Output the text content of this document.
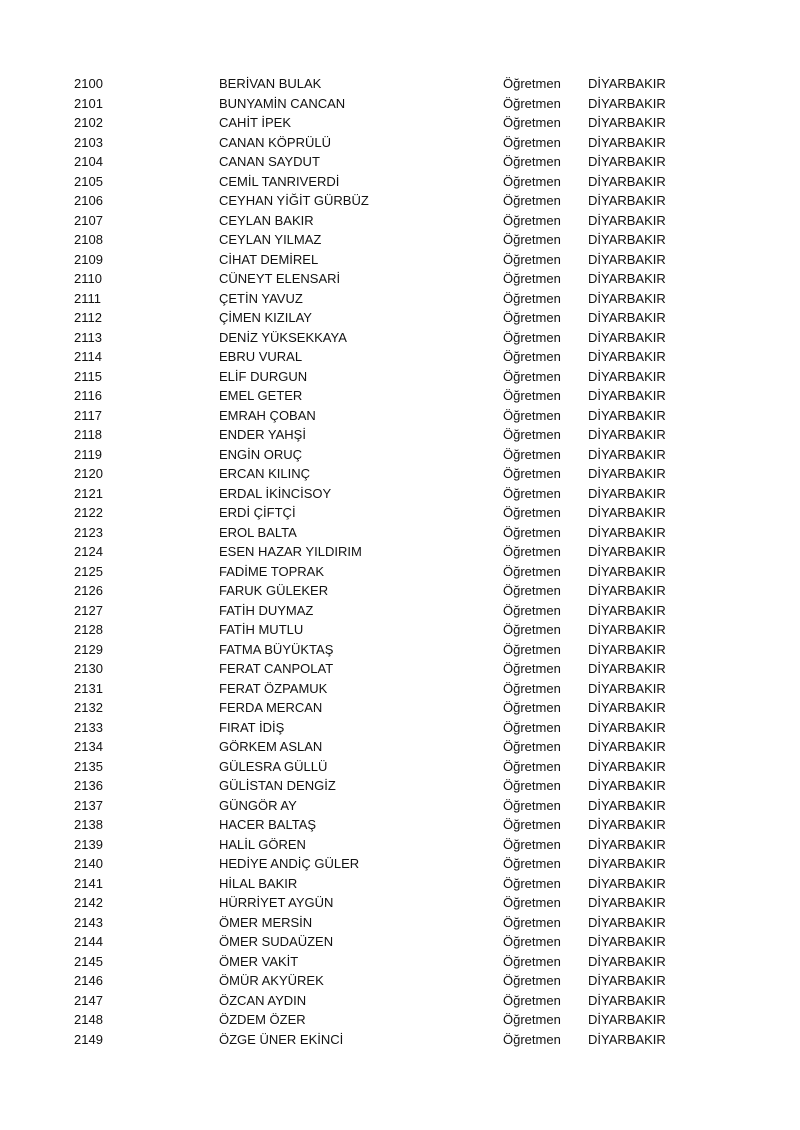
2100	BERİVAN BULAK	Öğretmen DİYARBAKIR
2101	BUNYAMİN CANCAN	Öğretmen DİYARBAKIR
2102	CAHİT İPEK	Öğretmen DİYARBAKIR
2103	CANAN KÖPRÜLÜ	Öğretmen DİYARBAKIR
2104	CANAN SAYDUT	Öğretmen DİYARBAKIR
2105	CEMİL TANRIVERDİ	Öğretmen DİYARBAKIR
2106	CEYHAN YİĞİT GÜRBÜZ	Öğretmen DİYARBAKIR
2107	CEYLAN BAKIR	Öğretmen DİYARBAKIR
2108	CEYLAN YILMAZ	Öğretmen DİYARBAKIR
2109	CİHAT DEMİREL	Öğretmen DİYARBAKIR
2110	CÜNEYT ELENSARİ	Öğretmen DİYARBAKIR
2111	ÇETİN YAVUZ	Öğretmen DİYARBAKIR
2112	ÇİMEN KIZILAY	Öğretmen DİYARBAKIR
2113	DENİZ YÜKSEKKAYA	Öğretmen DİYARBAKIR
2114	EBRU VURAL	Öğretmen DİYARBAKIR
2115	ELİF DURGUN	Öğretmen DİYARBAKIR
2116	EMEL GETER	Öğretmen DİYARBAKIR
2117	EMRAH ÇOBAN	Öğretmen DİYARBAKIR
2118	ENDER YAHŞİ	Öğretmen DİYARBAKIR
2119	ENGİN ORUÇ	Öğretmen DİYARBAKIR
2120	ERCAN KILINÇ	Öğretmen DİYARBAKIR
2121	ERDAL İKİNCİSOY	Öğretmen DİYARBAKIR
2122	ERDİ ÇİFTÇİ	Öğretmen DİYARBAKIR
2123	EROL BALTA	Öğretmen DİYARBAKIR
2124	ESEN HAZAR YILDIRIM	Öğretmen DİYARBAKIR
2125	FADİME TOPRAK	Öğretmen DİYARBAKIR
2126	FARUK GÜLEKER	Öğretmen DİYARBAKIR
2127	FATİH DUYMAZ	Öğretmen DİYARBAKIR
2128	FATİH MUTLU	Öğretmen DİYARBAKIR
2129	FATMA BÜYÜKTAŞ	Öğretmen DİYARBAKIR
2130	FERAT CANPOLAT	Öğretmen DİYARBAKIR
2131	FERAT ÖZPAMUK	Öğretmen DİYARBAKIR
2132	FERDA MERCAN	Öğretmen DİYARBAKIR
2133	FIRAT İDİŞ	Öğretmen DİYARBAKIR
2134	GÖRKEM ASLAN	Öğretmen DİYARBAKIR
2135	GÜLESRA GÜLLÜ	Öğretmen DİYARBAKIR
2136	GÜLİSTAN DENGİZ	Öğretmen DİYARBAKIR
2137	GÜNGÖR AY	Öğretmen DİYARBAKIR
2138	HACER BALTAŞ	Öğretmen DİYARBAKIR
2139	HALİL GÖREN	Öğretmen DİYARBAKIR
2140	HEDİYE ANDİÇ GÜLER	Öğretmen DİYARBAKIR
2141	HİLAL BAKIR	Öğretmen DİYARBAKIR
2142	HÜRRİYET AYGÜN	Öğretmen DİYARBAKIR
2143	ÖMER MERSİN	Öğretmen DİYARBAKIR
2144	ÖMER SUDAÜZEN	Öğretmen DİYARBAKIR
2145	ÖMER VAKİT	Öğretmen DİYARBAKIR
2146	ÖMÜR AKYÜREK	Öğretmen DİYARBAKIR
2147	ÖZCAN AYDIN	Öğretmen DİYARBAKIR
2148	ÖZDEM ÖZER	Öğretmen DİYARBAKIR
2149	ÖZGE ÜNER EKİNCİ	Öğretmen DİYARBAKIR
